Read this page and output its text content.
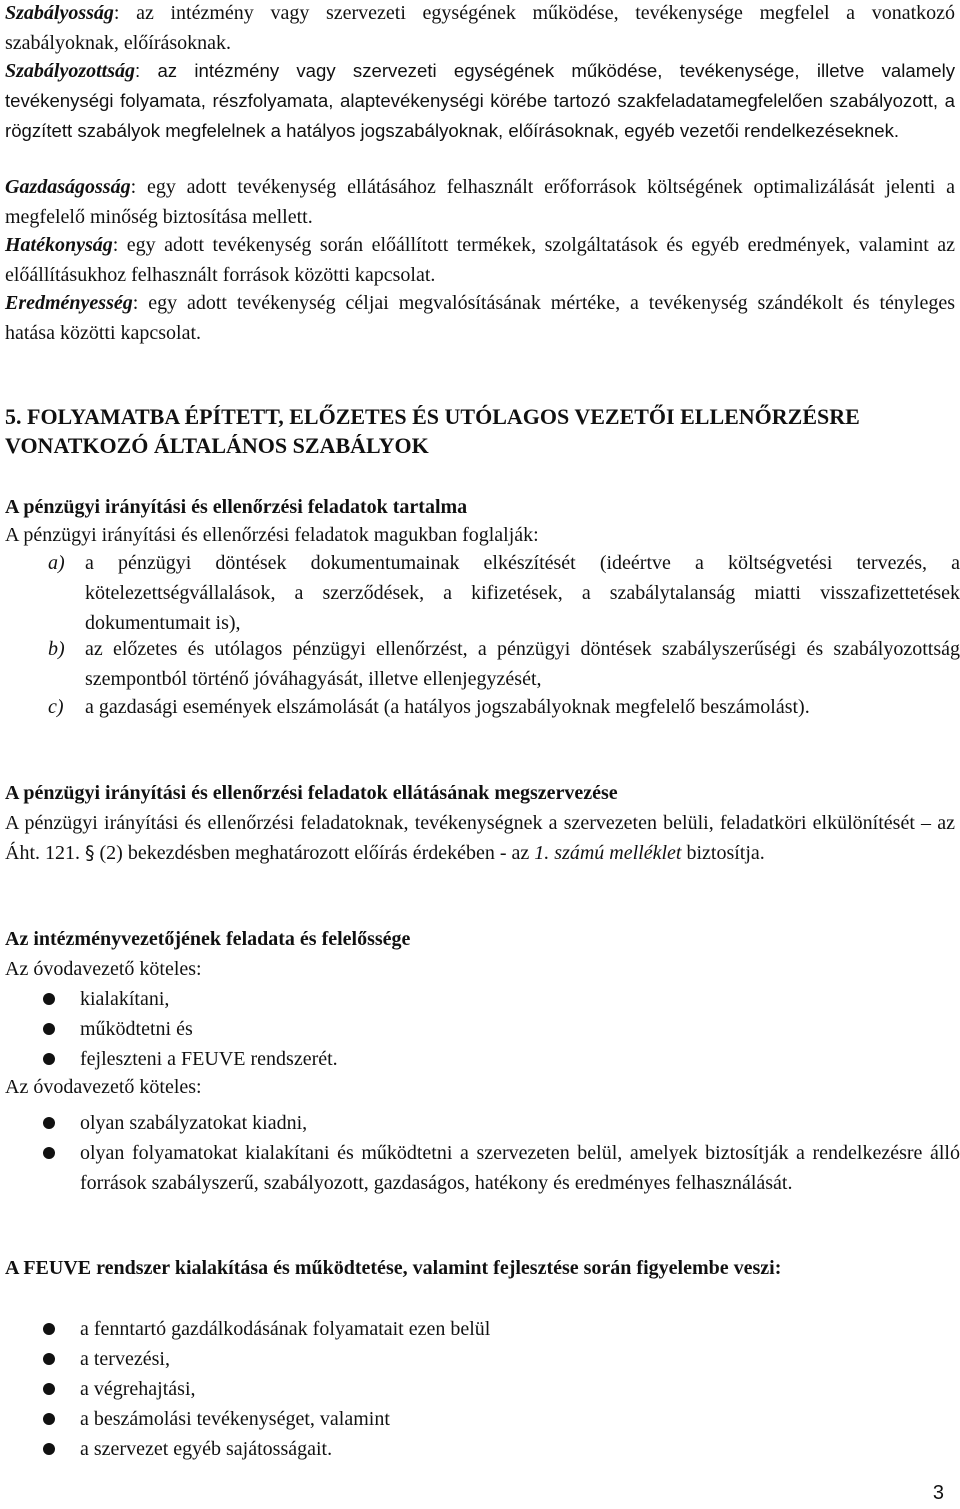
Szabályosság: az intézmény vagy szervezeti egységének működése, tevékenysége megfelel a vonatkozó szabályoknak, előírásoknak.

Szabályozottság: az intézmény vagy szervezeti egységének működése, tevékenysége, illetve valamely tevékenységi folyamata, részfolyamata, alaptevékenységi körébe tartozó szakfeladatamegfelelően szabályozott, a rögzített szabályok megfelelnek a hatályos jogszabályoknak, előírásoknak, egyéb vezetői rendelkezéseknek.

Gazdaságosság: egy adott tevékenység ellátásához felhasznált erőforrások költségének optimalizálását jelenti a megfelelő minőség biztosítása mellett.

Hatékonyság: egy adott tevékenység során előállított termékek, szolgáltatások és egyéb eredmények, valamint az előállításukhoz felhasznált források közötti kapcsolat.

Eredményesség: egy adott tevékenység céljai megvalósításának mértéke, a tevékenység szándékolt és tényleges hatása közötti kapcsolat.

5. FOLYAMATBA ÉPÍTETT, ELŐZETES ÉS UTÓLAGOS VEZETŐI ELLENŐRZÉSRE VONATKOZÓ ÁLTALÁNOS SZABÁLYOK
A pénzügyi irányítási és ellenőrzési feladatok tartalma

A pénzügyi irányítási és ellenőrzési feladatok magukban foglalják:

a) a pénzügyi döntések dokumentumainak elkészítését (ideértve a költségvetési tervezés, a kötelezettségvállalások, a szerződések, a kifizetések, a szabálytalanság miatti visszafizettetések dokumentumait is),
b) az előzetes és utólagos pénzügyi ellenőrzést, a pénzügyi döntések szabályszerűségi és szabályozottság szempontból történő jóváhagyását, illetve ellenjegyzését,
c) a gazdasági események elszámolását (a hatályos jogszabályoknak megfelelő beszámolást).
A pénzügyi irányítási és ellenőrzési feladatok ellátásának megszervezése

A pénzügyi irányítási és ellenőrzési feladatoknak, tevékenységnek a szervezeten belüli, feladatköri elkülönítését – az Áht. 121. § (2) bekezdésben meghatározott előírás érdekében - az 1. számú melléklet biztosítja.

Az intézményvezetőjének feladata és felelőssége

Az óvodavezető köteles:

kialakítani,
működtetni és
fejleszteni a FEUVE rendszerét.

Az óvodavezető köteles:

olyan szabályzatokat kiadni,
olyan folyamatokat kialakítani és működtetni a szervezeten belül, amelyek biztosítják a rendelkezésre álló források szabályszerű, szabályozott, gazdaságos, hatékony és eredményes felhasználását.
A FEUVE rendszer kialakítása és működtetése, valamint fejlesztése során figyelembe veszi:
a fenntartó gazdálkodásának folyamatait ezen belül
a tervezési,
a végrehajtási,
a beszámolási tevékenységet, valamint
a szervezet egyéb sajátosságait.
3
